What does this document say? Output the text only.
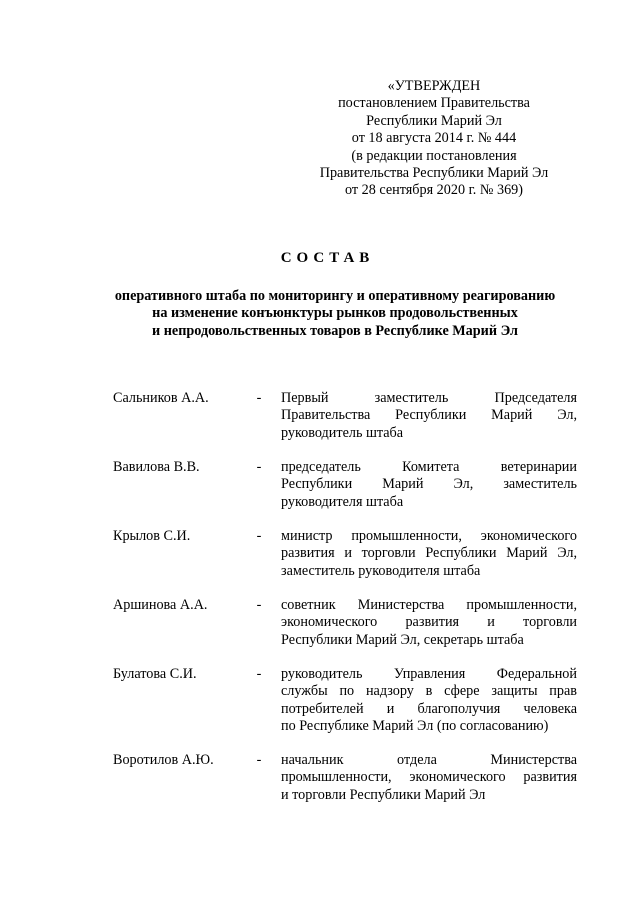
«УТВЕРЖДЕН
постановлением Правительства
Республики Марий Эл
от 18 августа 2014 г. № 444
(в редакции постановления
Правительства Республики Марий Эл
от 28 сентября 2020 г. № 369)
СОСТАВ
оперативного штаба по мониторингу и оперативному реагированию
на изменение конъюнктуры рынков продовольственных
и непродовольственных товаров в Республике Марий Эл
Сальников А.А.	- Первый заместитель Председателя
Правительства Республики Марий Эл,
руководитель штаба
Вавилова В.В.	- председатель Комитета ветеринарии
Республики Марий Эл, заместитель
руководителя штаба
Крылов С.И.	- министр промышленности, экономического
развития и торговли Республики Марий Эл,
заместитель руководителя штаба
Аршинова А.А.	- советник Министерства промышленности,
экономического развития и торговли
Республики Марий Эл, секретарь штаба
Булатова С.И.	- руководитель Управления Федеральной
службы по надзору в сфере защиты прав
потребителей и благополучия человека
по Республике Марий Эл (по согласованию)
Воротилов А.Ю.	- начальник отдела Министерства
промышленности, экономического развития
и торговли Республики Марий Эл
